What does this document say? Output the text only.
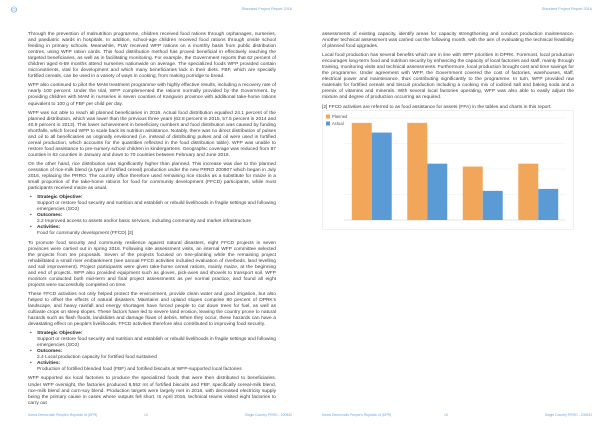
Standard Project Report 2016

Through the prevention of malnutrition programme, children received food rations through orphanages, nurseries, and paediatric wards in hospitals. In addition, school-age children received food rations through onsite school feeding in primary schools. Meanwhile, PLW received WFP rations on a monthly basis from public distribution centres, using WFP ration cards. This food distribution method has proved beneficial in effectively reaching the targeted beneficiaries, as well as in facilitating monitoring. For example, the Government reports that 62 percent of children aged 6-59 months attend nurseries nationwide on average. The specialized foods WFP provided contain micronutrients, vital for development and which many beneficiaries lack in their diets. FBF, which are specially fortified cereals, can be used in a variety of ways in cooking, from making porridge to bread.

WFP also continued to pilot the MAM treatment programme with highly effective results, including a recovery rate of nearly 100 percent. Under the trial, WFP complemented the rations normally provided by the Government, by providing children with MAM in nurseries in seven counties of Kangwon province with additional take-home rations equivalent to 100 g of FBF per child per day.

WFP was not able to reach all planned beneficiaries in 2016. Actual food distribution equalled 24.1 percent of the planned distribution, which was lower than the previous three years (62.8 percent in 2015, 57.5 percent in 2014 and 40.9 percent in 2013). This lower achievement in beneficiary numbers and food distribution was caused by funding shortfalls, which forced WFP to scale back its nutrition assistance. Notably, there was no direct distribution of pulses and oil to all beneficiaries as originally envisioned (i.e. instead of distributing pulses and oil were used in fortified cereal production, which accounts for the quantities reflected in the food distribution table). WFP was unable to restore food assistance to pre-nursery school children in kindergartens. Geographic coverage was reduced from 87 counties in 62 counties in January and down to 70 counties between February and June 2016.

On the other hand, rice distribution was significantly higher than planned. This increase was due to the planned cessation of rice-milk blend (a type of fortified cereal) production under the new PRRO 200907 which began in July 2016, replacing the PRRO. The country office therefore used remaining rice stocks as a substitute for maize in a small proportion of the take-home rations for food for community development (FFCD) participants, while most participants received maize as usual.

• Strategic Objective:
Support or restore food security and nutrition and establish or rebuild livelihoods in fragile settings and following emergencies (SO2)
• Outcomes:
2.2 Improved access to assets and/or basic services, including community and market infrastructure
• Activities:
Food for community development (FFCD) [2]

To promote food security and community resilience against natural disasters, eight FFCD projects in seven provinces were carried out in spring 2016. Following site assessment visits, an internal WFP committee selected the projects from ten proposals. Seven of the projects focused on tree-planting while the remaining project rehabilitated a small river embankment (see annual FFCD activities included evaluation of riverbeds, land levelling and soil improvement). Project participants were given take-home cereal rations, mainly maize, at the beginning and end of projects. WFP also provided equipment such as gloves, pick-axes and shovels to transport soil. WFP monitors conducted both mid-term and final project assessments as per normal practice, and found all eight projects were successfully completed on time.

These FFCD activities not only helped protect the environment, provide clean water and good irrigation, but also helped to offset the effects of natural disasters. Maintains and upland slopes comprise 80 percent of DPRK's landscape, and heavy rainfall and energy shortages have forced people to cut down trees for fuel, as well as cultivate crops on steep slopes. These factors have led to severe land erosion, leaving the country prone to natural hazards such as flash floods, landslides and damage flows of debris. When they occur, these hazards can have a devastating effect on people's livelihoods. FFCD activities therefore also contributed to improving food security.

• Strategic Objective:
Support or restore food security and nutrition and establish or rebuild livelihoods in fragile settings and following emergencies (SO2)
• Outcomes:
2.4 Local production capacity for fortified food sustained
• Activities:
Production of fortified blended food (FBF) and fortified biscuits at WFP-supported local factories

WFP supported six local factories to produce the specialized foods that were then distributed to beneficiaries. Under WFP oversight, the factories produced 9,552 mt of fortified biscuits and FBF, specifically cereal-milk blend, rice-milk blend and corn-soy blend. Production targets were largely met in 2016, with decreased electricity supply being the primary cause in cases where outputs fell short. In April 2016, technical teams visited eight factories to carry out

Korea Democratic People's Republic of (DPR)	14	Single Country PRRO - 200532
Standard Project Report 2016

assessments of existing capacity, identify areas for capacity strengthening and conduct production maintenance. Another technical assessment was carried out the following month, with the aim of evaluating the technical feasibility of planned food upgrades.

Local food production has several benefits which are in line with WFP priorities in DPRK. Foremost, local production encourages long-term food and nutrition security by enhancing the capacity of local factories and staff, mainly through training, monitoring visits and technical assessments. Furthermore, local production brought cost and time savings for the programme. Under agreement with WFP, the Government covered the cost of factories, warehouses, staff, electrical power and maintenance, thus contributing significantly to the programme. In turn, WFP provided raw materials for fortified cereals and biscuit production including a cooking mix of iodized salt and baking soda and a premix of vitamins and minerals. With several local factories operating, WFP was also able to easily adjust the mixture and degree of production occurring as required.

[2] FFCD activities are referred to as food assistance for assets (FFA) in the tables and charts in this report.

Planned
Actual
Korea Democratic People's Republic of (DPR)	15	Single Country PRRO - 200532
